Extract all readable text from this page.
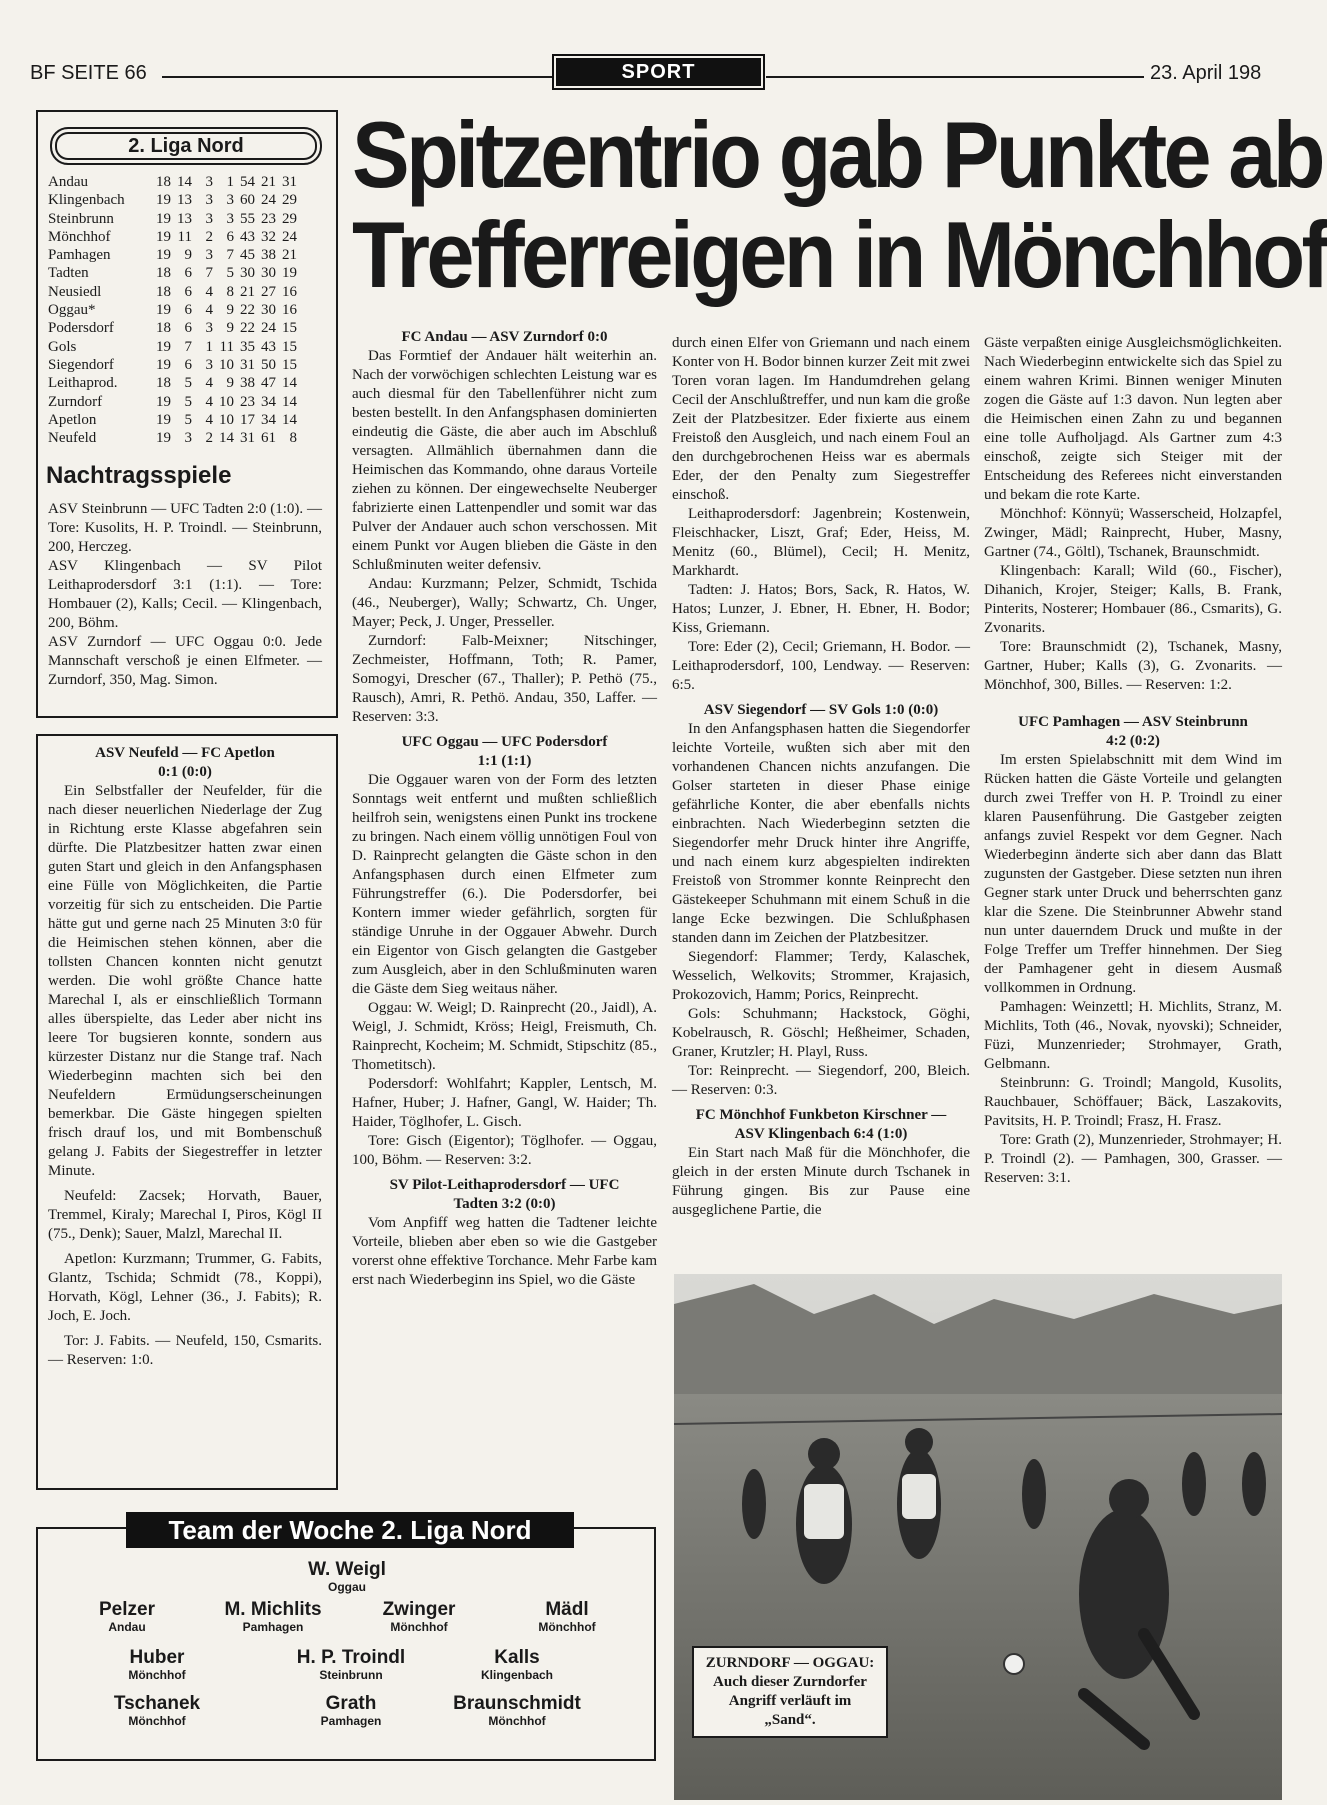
BF SEITE 66	SPORT	23. April 198
Spitzentrio gab Punkte ab
Trefferreigen in Mönchhof
2. Liga Nord
Andau	18	14	3	1	54	21	31
Klingenbach	19	13	3	3	60	24	29
Steinbrunn	19	13	3	3	55	23	29
Mönchhof	19	11	2	6	43	32	24
Pamhagen	19	9	3	7	45	38	21
Tadten	18	6	7	5	30	30	19
Neusiedl	18	6	4	8	21	27	16
Oggau*	19	6	4	9	22	30	16
Podersdorf	18	6	3	9	22	24	15
Gols	19	7	1	11	35	43	15
Siegendorf	19	6	3	10	31	50	15
Leithaprod.	18	5	4	9	38	47	14
Zurndorf	19	5	4	10	23	34	14
Apetlon	19	5	4	10	17	34	14
Neufeld	19	3	2	14	31	61	8
Nachtragsspiele

ASV Steinbrunn — UFC Tadten 2:0 (1:0). — Tore: Kusolits, H. P. Troindl. — Steinbrunn, 200, Herczeg.

ASV Klingenbach — SV Pilot Leithaprodersdorf 3:1 (1:1). — Tore: Hombauer (2), Kalls; Cecil. — Klingenbach, 200, Böhm.

ASV Zurndorf — UFC Oggau 0:0. Jede Mannschaft verschoß je einen Elfmeter. — Zurndorf, 350, Mag. Simon.

ASV Neufeld — FC Apetlon

0:1 (0:0)

Ein Selbstfaller der Neufelder, für die nach dieser neuerlichen Niederlage der Zug in Richtung erste Klasse abgefahren sein dürfte. Die Platzbesitzer hatten zwar einen guten Start und gleich in den Anfangsphasen eine Fülle von Möglichkeiten, die Partie vorzeitig für sich zu entscheiden. Die Partie hätte gut und gerne nach 25 Minuten 3:0 für die Heimischen stehen können, aber die tollsten Chancen konnten nicht genutzt werden. Die wohl größte Chance hatte Marechal I, als er einschließlich Tormann alles überspielte, das Leder aber nicht ins leere Tor bugsieren konnte, sondern aus kürzester Distanz nur die Stange traf. Nach Wiederbeginn machten sich bei den Neufeldern Ermüdungserscheinungen bemerkbar. Die Gäste hingegen spielten frisch drauf los, und mit Bombenschuß gelang J. Fabits der Siegestreffer in letzter Minute.

Neufeld: Zacsek; Horvath, Bauer, Tremmel, Kiraly; Marechal I, Piros, Kögl II (75., Denk); Sauer, Malzl, Marechal II.

Apetlon: Kurzmann; Trummer, G. Fabits, Glantz, Tschida; Schmidt (78., Koppi), Horvath, Kögl, Lehner (36., J. Fabits); R. Joch, E. Joch.

Tor: J. Fabits. — Neufeld, 150, Csmarits. — Reserven: 1:0.

FC Andau — ASV Zurndorf 0:0

Das Formtief der Andauer hält weiterhin an. Nach der vorwöchigen schlechten Leistung war es auch diesmal für den Tabellenführer nicht zum besten bestellt. In den Anfangsphasen dominierten eindeutig die Gäste, die aber auch im Abschluß versagten. Allmählich übernahmen dann die Heimischen das Kommando, ohne daraus Vorteile ziehen zu können. Der eingewechselte Neuberger fabrizierte einen Lattenpendler und somit war das Pulver der Andauer auch schon verschossen. Mit einem Punkt vor Augen blieben die Gäste in den Schlußminuten weiter defensiv.

Andau: Kurzmann; Pelzer, Schmidt, Tschida (46., Neuberger), Wally; Schwartz, Ch. Unger, Mayer; Peck, J. Unger, Presseller.

Zurndorf: Falb-Meixner; Nitschinger, Zechmeister, Hoffmann, Toth; R. Pamer, Somogyi, Drescher (67., Thaller); P. Pethö (75., Rausch), Amri, R. Pethö. Andau, 350, Laffer. — Reserven: 3:3.

UFC Oggau — UFC Podersdorf

1:1 (1:1)

Die Oggauer waren von der Form des letzten Sonntags weit entfernt und mußten schließlich heilfroh sein, wenigstens einen Punkt ins trockene zu bringen. Nach einem völlig unnötigen Foul von D. Rainprecht gelangten die Gäste schon in den Anfangsphasen durch einen Elfmeter zum Führungstreffer (6.). Die Podersdorfer, bei Kontern immer wieder gefährlich, sorgten für ständige Unruhe in der Oggauer Abwehr. Durch ein Eigentor von Gisch gelangten die Gastgeber zum Ausgleich, aber in den Schlußminuten waren die Gäste dem Sieg weitaus näher.

Oggau: W. Weigl; D. Rainprecht (20., Jaidl), A. Weigl, J. Schmidt, Kröss; Heigl, Freismuth, Ch. Rainprecht, Kocheim; M. Schmidt, Stipschitz (85., Thometitsch).

Podersdorf: Wohlfahrt; Kappler, Lentsch, M. Hafner, Huber; J. Hafner, Gangl, W. Haider; Th. Haider, Töglhofer, L. Gisch.

Tore: Gisch (Eigentor); Töglhofer. — Oggau, 100, Böhm. — Reserven: 3:2.

SV Pilot-Leithaprodersdorf — UFC

Tadten 3:2 (0:0)

Vom Anpfiff weg hatten die Tadtener leichte Vorteile, blieben aber eben so wie die Gastgeber vorerst ohne effektive Torchance. Mehr Farbe kam erst nach Wiederbeginn ins Spiel, wo die Gäste

durch einen Elfer von Griemann und nach einem Konter von H. Bodor binnen kurzer Zeit mit zwei Toren voran lagen. Im Handumdrehen gelang Cecil der Anschlußtreffer, und nun kam die große Zeit der Platzbesitzer. Eder fixierte aus einem Freistoß den Ausgleich, und nach einem Foul an den durchgebrochenen Heiss war es abermals Eder, der den Penalty zum Siegestreffer einschoß.

Leithaprodersdorf: Jagenbrein; Kostenwein, Fleischhacker, Liszt, Graf; Eder, Heiss, M. Menitz (60., Blümel), Cecil; H. Menitz, Markhardt.

Tadten: J. Hatos; Bors, Sack, R. Hatos, W. Hatos; Lunzer, J. Ebner, H. Ebner, H. Bodor; Kiss, Griemann.

Tore: Eder (2), Cecil; Griemann, H. Bodor. — Leithaprodersdorf, 100, Lendway. — Reserven: 6:5.

ASV Siegendorf — SV Gols 1:0 (0:0)

In den Anfangsphasen hatten die Siegendorfer leichte Vorteile, wußten sich aber mit den vorhandenen Chancen nichts anzufangen. Die Golser starteten in dieser Phase einige gefährliche Konter, die aber ebenfalls nichts einbrachten. Nach Wiederbeginn setzten die Siegendorfer mehr Druck hinter ihre Angriffe, und nach einem kurz abgespielten indirekten Freistoß von Strommer konnte Reinprecht den Gästekeeper Schuhmann mit einem Schuß in die lange Ecke bezwingen. Die Schlußphasen standen dann im Zeichen der Platzbesitzer.

Siegendorf: Flammer; Terdy, Kalaschek, Wesselich, Welkovits; Strommer, Krajasich, Prokozovich, Hamm; Porics, Reinprecht.

Gols: Schuhmann; Hackstock, Göghi, Kobelrausch, R. Göschl; Heßheimer, Schaden, Graner, Krutzler; H. Playl, Russ.

Tor: Reinprecht. — Siegendorf, 200, Bleich. — Reserven: 0:3.

FC Mönchhof Funkbeton Kirschner —

ASV Klingenbach 6:4 (1:0)

Ein Start nach Maß für die Mönchhofer, die gleich in der ersten Minute durch Tschanek in Führung gingen. Bis zur Pause eine ausgeglichene Partie, die

Gäste verpaßten einige Ausgleichsmöglichkeiten. Nach Wiederbeginn entwickelte sich das Spiel zu einem wahren Krimi. Binnen weniger Minuten zogen die Gäste auf 1:3 davon. Nun legten aber die Heimischen einen Zahn zu und begannen eine tolle Aufholjagd. Als Gartner zum 4:3 einschoß, zeigte sich Steiger mit der Entscheidung des Referees nicht einverstanden und bekam die rote Karte.

Mönchhof: Könnyü; Wasserscheid, Holzapfel, Zwinger, Mädl; Rainprecht, Huber, Masny, Gartner (74., Göltl), Tschanek, Braunschmidt.

Klingenbach: Karall; Wild (60., Fischer), Dihanich, Krojer, Steiger; Kalls, B. Frank, Pinterits, Nosterer; Hombauer (86., Csmarits), G. Zvonarits.

Tore: Braunschmidt (2), Tschanek, Masny, Gartner, Huber; Kalls (3), G. Zvonarits. — Mönchhof, 300, Billes. — Reserven: 1:2.

UFC Pamhagen — ASV Steinbrunn

4:2 (0:2)

Im ersten Spielabschnitt mit dem Wind im Rücken hatten die Gäste Vorteile und gelangten durch zwei Treffer von H. P. Troindl zu einer klaren Pausenführung. Die Gastgeber zeigten anfangs zuviel Respekt vor dem Gegner. Nach Wiederbeginn änderte sich aber dann das Blatt zugunsten der Gastgeber. Diese setzten nun ihren Gegner stark unter Druck und beherrschten ganz klar die Szene. Die Steinbrunner Abwehr stand nun unter dauerndem Druck und mußte in der Folge Treffer um Treffer hinnehmen. Der Sieg der Pamhagener geht in diesem Ausmaß vollkommen in Ordnung.

Pamhagen: Weinzettl; H. Michlits, Stranz, M. Michlits, Toth (46., Novak, nyovski); Schneider, Füzi, Munzenrieder; Strohmayer, Grath, Gelbmann.

Steinbrunn: G. Troindl; Mangold, Kusolits, Rauchbauer, Schöffauer; Bäck, Laszakovits, Pavitsits, H. P. Troindl; Frasz, H. Frasz.

Tore: Grath (2), Munzenrieder, Strohmayer; H. P. Troindl (2). — Pamhagen, 300, Grasser. — Reserven: 3:1.

Team der Woche 2. Liga Nord
W. Weigl
Oggau
Pelzer
Andau
M. Michlits
Pamhagen
Zwinger
Mönchhof
Mädl
Mönchhof
Huber
Mönchhof
H. P. Troindl
Steinbrunn
Kalls
Klingenbach
Tschanek
Mönchhof
Grath
Pamhagen
Braunschmidt
Mönchhof
ZURNDORF — OGGAU: Auch dieser Zurndorfer Angriff verläuft im „Sand“.
